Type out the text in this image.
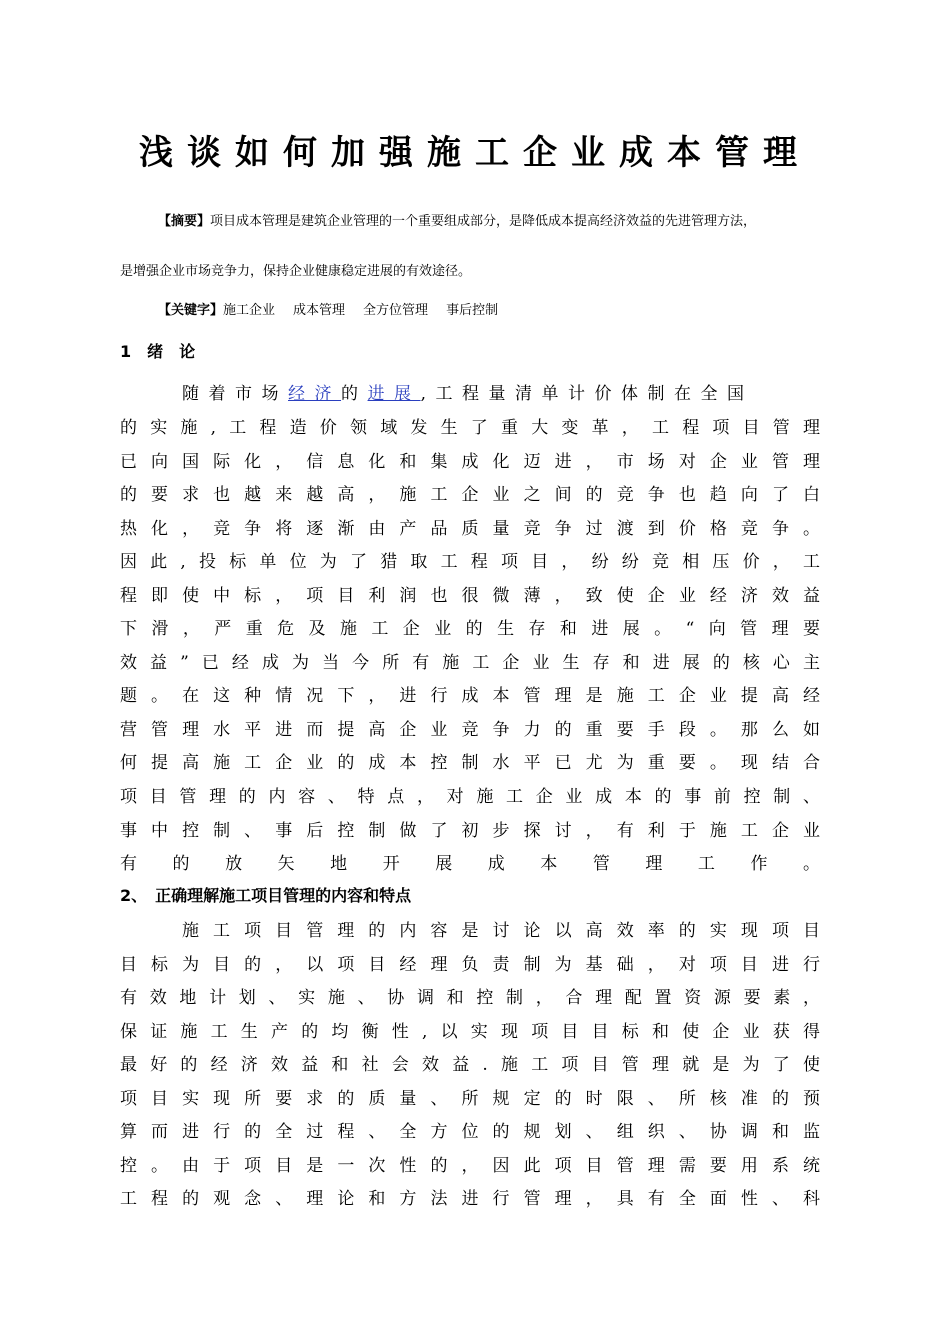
浅谈如何加强施工企业成本管理
【摘要】项目成本管理是建筑企业管理的一个重要组成部分，是降低成本提高经济效益的先进管理方法，
是增强企业市场竞争力，保持企业健康稳定进展的有效途径。
【关键字】施工企业 成本管理 全方位管理 事后控制
1　绪　论
随着市场经济的进展,工程量清单计价体制在全国
的实施,工程造价领域发生了重大变革，工程项目管理
已向国际化，信息化和集成化迈进，市场对企业管理
的要求也越来越高，施工企业之间的竞争也趋向了白
热化，竞争将逐渐由产品质量竞争过渡到价格竞争。
因此,投标单位为了猎取工程项目，纷纷竞相压价，工
程即使中标，项目利润也很微薄，致使企业经济效益
下滑，严重危及施工企业的生存和进展。“向管理要
效益”已经成为当今所有施工企业生存和进展的核心主
题。在这种情况下，进行成本管理是施工企业提高经
营管理水平进而提高企业竞争力的重要手段。那么如
何提高施工企业的成本控制水平已尤为重要。现结合
项目管理的内容、特点，对施工企业成本的事前控制、
事中控制、事后控制做了初步探讨，有利于施工企业
有的放矢地开展成本管理工作。
2、　正确理解施工项目管理的内容和特点
施工项目管理的内容是讨论以高效率的实现项目
目标为目的，以项目经理负责制为基础，对项目进行
有效地计划、实施、协调和控制，合理配置资源要素，
保证施工生产的均衡性,以实现项目目标和使企业获得
最好的经济效益和社会效益.施工项目管理就是为了使
项目实现所要求的质量、所规定的时限、所核准的预
算而进行的全过程、全方位的规划、组织、协调和监
控。由于项目是一次性的，因此项目管理需要用系统
工程的观念、理论和方法进行管理，具有全面性、科
